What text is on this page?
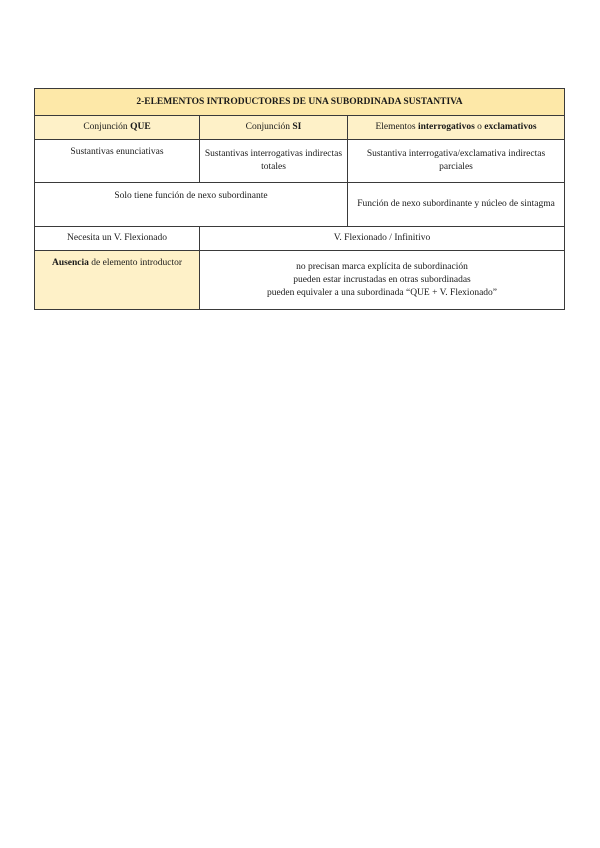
2-ELEMENTOS INTRODUCTORES DE UNA SUBORDINADA SUSTANTIVA		
Conjunción QUE	Conjunción SI	Elementos interrogativos o exclamativos
Sustantivas enunciativas	Sustantivas interrogativas indirectas totales	Sustantiva interrogativa/exclamativa indirectas parciales
Solo tiene función de nexo subordinante		Función de nexo subordinante y núcleo de sintagma
Necesita un V. Flexionado	V. Flexionado / Infinitivo	
Ausencia de elemento introductor	no precisan marca explícita de subordinación
pueden estar incrustadas en otras subordinadas
pueden equivaler a una subordinada “QUE + V. Flexionado”	
